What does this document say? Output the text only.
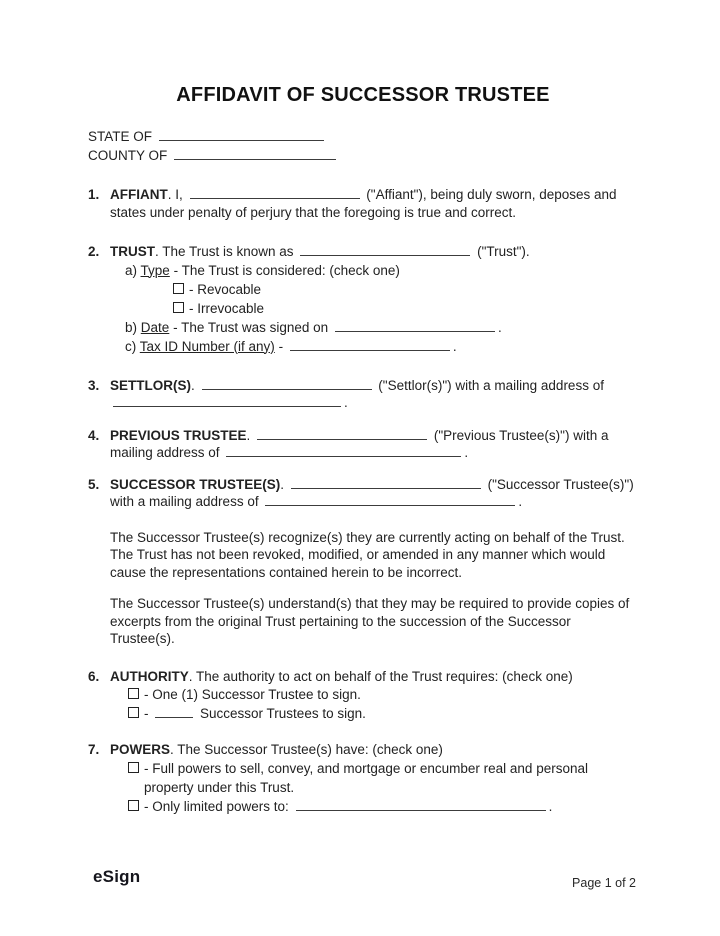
AFFIDAVIT OF SUCCESSOR TRUSTEE
STATE OF
COUNTY OF
1. AFFIANT. I,	("Affiant"), being duly sworn, deposes and states under penalty of perjury that the foregoing is true and correct.
2. TRUST. The Trust is known as	("Trust").
a) Type - The Trust is considered: (check one)
- Revocable
- Irrevocable
b) Date - The Trust was signed on	.
c) Tax ID Number (if any) -	.
3. SETTLOR(S).	("Settlor(s)") with a mailing address of
.
4. PREVIOUS TRUSTEE.	("Previous Trustee(s)") with a mailing address of	.
5. SUCCESSOR TRUSTEE(S).	("Successor Trustee(s)") with a mailing address of	.
The Successor Trustee(s) recognize(s) they are currently acting on behalf of the Trust. The Trust has not been revoked, modified, or amended in any manner which would cause the representations contained herein to be incorrect.
The Successor Trustee(s) understand(s) that they may be required to provide copies of excerpts from the original Trust pertaining to the succession of the Successor Trustee(s).
6. AUTHORITY. The authority to act on behalf of the Trust requires: (check one)
- One (1) Successor Trustee to sign.
-	Successor Trustees to sign.
7. POWERS. The Successor Trustee(s) have: (check one)
- Full powers to sell, convey, and mortgage or encumber real and personal property under this Trust.
- Only limited powers to:	.
eSign	Page 1 of 2
